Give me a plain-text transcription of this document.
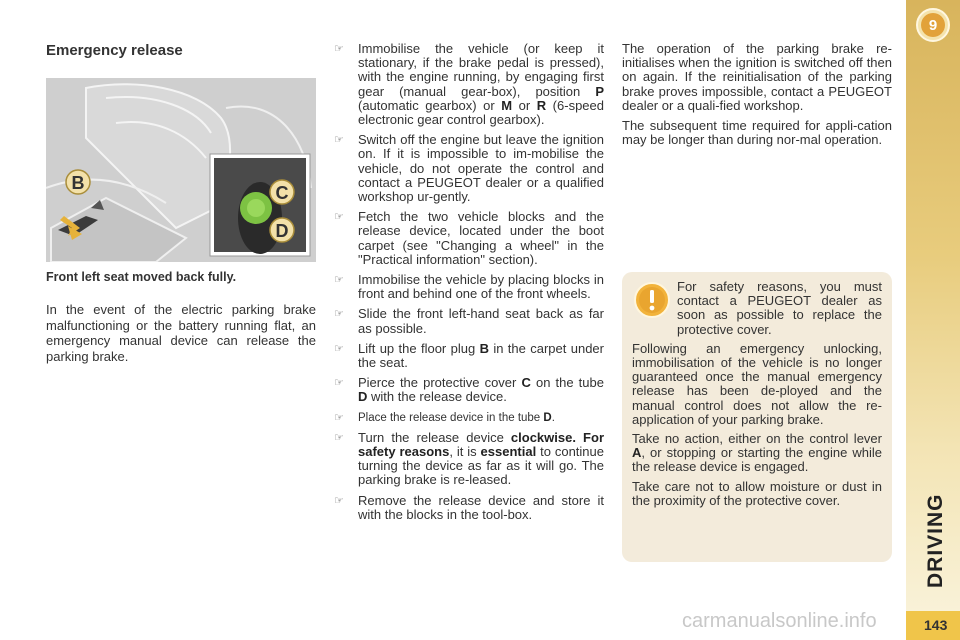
Emergency release
B	C
D
Front left seat moved back fully.
In the event of the electric parking brake malfunctioning or the battery running flat, an emergency manual device can release the parking brake.
☞ Immobilise the vehicle (or keep it stationary, if the brake pedal is pressed), with the engine running, by engaging first gear (manual gear-box), position P (automatic gearbox) or M or R (6-speed electronic gear control gearbox).
☞ Switch off the engine but leave the ignition on. If it is impossible to im-mobilise the vehicle, do not operate the control and contact a PEUGEOT dealer or a qualified workshop ur-gently.
☞ Fetch the two vehicle blocks and the release device, located under the boot carpet (see "Changing a wheel" in the "Practical information" section).
☞ Immobilise the vehicle by placing blocks in front and behind one of the front wheels.
☞ Slide the front left-hand seat back as far as possible.
☞ Lift up the floor plug B in the carpet under the seat.
☞ Pierce the protective cover C on the tube D with the release device.
☞ Place the release device in the tube D.
☞ Turn the release device clockwise. For safety reasons, it is essential to continue turning the device as far as it will go. The parking brake is re-leased.
☞ Remove the release device and store it with the blocks in the tool-box.

The operation of the parking brake re-initialises when the ignition is switched off then on again. If the reinitialisation of the parking brake proves impossible, contact a PEUGEOT dealer or a quali-fied workshop.

The subsequent time required for appli-cation may be longer than during nor-mal operation.

For safety reasons, you must contact a PEUGEOT dealer as soon as possible to replace the protective cover.

Following an emergency unlocking, immobilisation of the vehicle is no longer guaranteed once the manual emergency release has been de-ployed and the manual control does not allow the re-application of your parking brake.

Take no action, either on the control lever A, or stopping or starting the engine while the release device is engaged.

Take care not to allow moisture or dust in the proximity of the protective cover.

9
DRIVING
143
carmanualsonline.info
